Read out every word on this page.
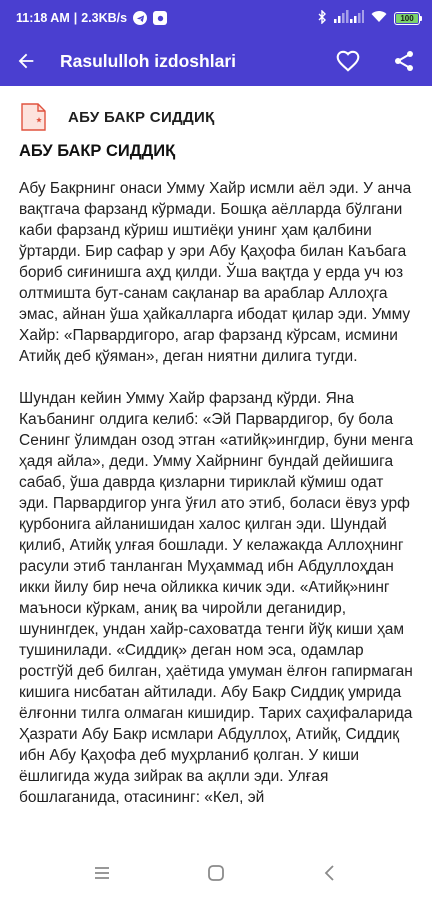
11:18 AM | 2.3KB/s	100
Rasululloh izdoshlari
АБУ БАКР СИДДИҚ
АБУ БАКР СИДДИҚ

Абу Бакрнинг онаси Умму Хайр исмли аёл эди. У анча вақтгача фарзанд кўрмади. Бошқа аёлларда бўлгани каби фарзанд кўриш иштиёқи унинг ҳам қалбини ўртарди. Бир сафар у эри Абу Қаҳофа билан Каъбага бориб сиғинишга аҳд қилди. Ўша вақтда у ерда уч юз олтмишта бут-санам сақланар ва араблар Аллоҳга эмас, айнан ўша ҳайкалларга ибодат қилар эди. Умму Хайр: «Парвардигоро, агар фарзанд кўрсам, исмини Атийқ деб қўяман», деган ниятни дилига тугди.

Шундан кейин Умму Хайр фарзанд кўрди. Яна Каъбанинг олдига келиб: «Эй Парвардигор, бу бола Сенинг ўлимдан озод этган «атийқ»ингдир, буни менга ҳадя айла», деди. Умму Хайрнинг бундай дейишига сабаб, ўша даврда қизларни тириклай кўмиш одат эди. Парвардигор унга ўғил ато этиб, боласи ёвуз урф қурбонига айланишидан халос қилган эди. Шундай қилиб, Атийқ улғая бошлади. У келажакда Аллоҳнинг расули этиб танланган Муҳаммад ибн Абдуллоҳдан икки йилу бир неча ойликка кичик эди. «Атийқ»нинг маъноси кўркам, аниқ ва чиройли деганидир, шунингдек, ундан хайр-саховатда тенги йўқ киши ҳам тушинилади. «Сиддиқ» деган ном эса, одамлар ростгўй деб билган, ҳаётида умуман ёлғон гапирмаган кишига нисбатан айтилади. Абу Бакр Сиддиқ умрида ёлғонни тилга олмаган кишидир. Тарих саҳифаларида Ҳазрати Абу Бакр исмлари Абдуллоҳ, Атийқ, Сиддиқ ибн Абу Қаҳофа деб муҳрланиб қолган. У киши ёшлигида жуда зийрак ва ақлли эди. Улғая бошлаганида, отасининг: «Кел, эй
